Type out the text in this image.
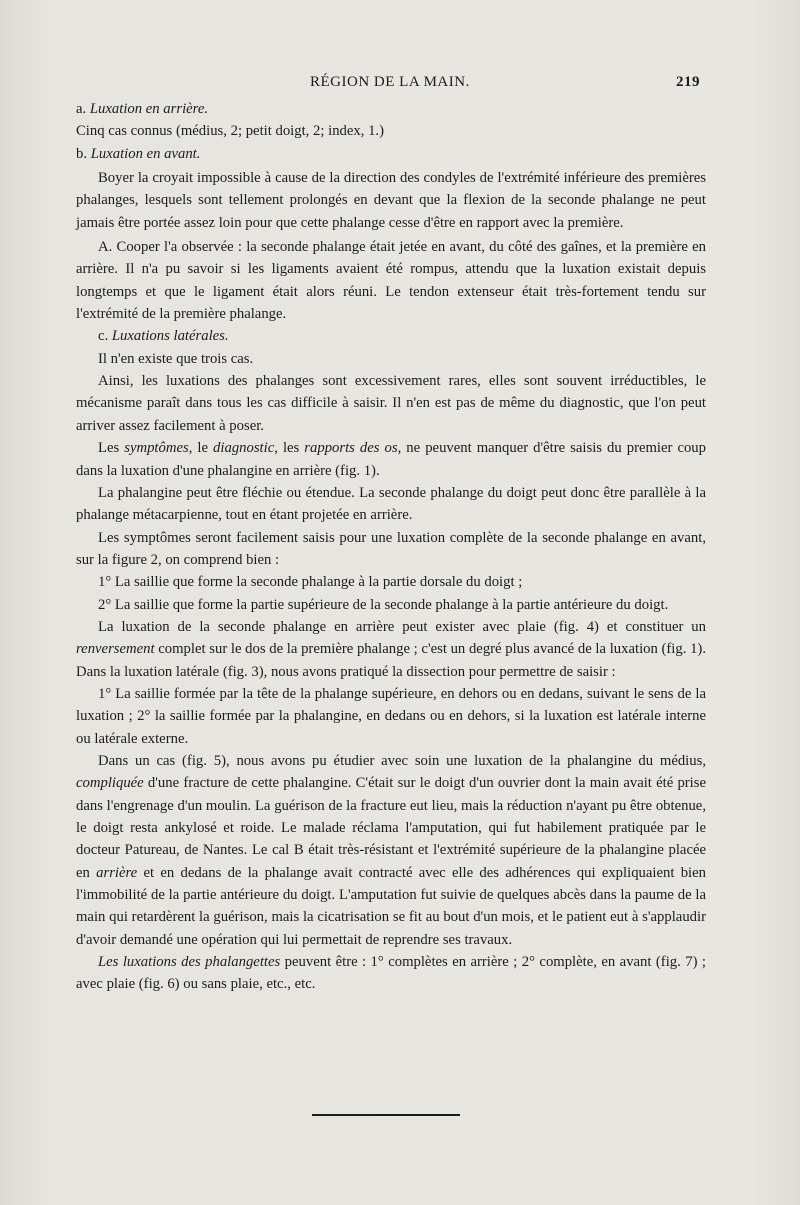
RÉGION DE LA MAIN.	219

a. Luxation en arrière.

Cinq cas connus (médius, 2; petit doigt, 2; index, 1.)

b. Luxation en avant.

Boyer la croyait impossible à cause de la direction des condyles de l'extrémité inférieure des premières phalanges, lesquels sont tellement prolongés en devant que la flexion de la seconde phalange ne peut jamais être portée assez loin pour que cette phalange cesse d'être en rapport avec la première.

A. Cooper l'a observée : la seconde phalange était jetée en avant, du côté des gaînes, et la première en arrière. Il n'a pu savoir si les ligaments avaient été rompus, attendu que la luxation existait depuis longtemps et que le ligament était alors réuni. Le tendon extenseur était très-fortement tendu sur l'extrémité de la première phalange.

c. Luxations latérales.

Il n'en existe que trois cas.

Ainsi, les luxations des phalanges sont excessivement rares, elles sont souvent irréductibles, le mécanisme paraît dans tous les cas difficile à saisir. Il n'en est pas de même du diagnostic, que l'on peut arriver assez facilement à poser.

Les symptômes, le diagnostic, les rapports des os, ne peuvent manquer d'être saisis du premier coup dans la luxation d'une phalangine en arrière (fig. 1).

La phalangine peut être fléchie ou étendue. La seconde phalange du doigt peut donc être parallèle à la phalange métacarpienne, tout en étant projetée en arrière.

Les symptômes seront facilement saisis pour une luxation complète de la seconde phalange en avant, sur la figure 2, on comprend bien :

1° La saillie que forme la seconde phalange à la partie dorsale du doigt ;

2° La saillie que forme la partie supérieure de la seconde phalange à la partie antérieure du doigt.

La luxation de la seconde phalange en arrière peut exister avec plaie (fig. 4) et constituer un renversement complet sur le dos de la première phalange ; c'est un degré plus avancé de la luxation (fig. 1). Dans la luxation latérale (fig. 3), nous avons pratiqué la dissection pour permettre de saisir :

1° La saillie formée par la tête de la phalange supérieure, en dehors ou en dedans, suivant le sens de la luxation ; 2° la saillie formée par la phalangine, en dedans ou en dehors, si la luxation est latérale interne ou latérale externe.

Dans un cas (fig. 5), nous avons pu étudier avec soin une luxation de la phalangine du médius, compliquée d'une fracture de cette phalangine. C'était sur le doigt d'un ouvrier dont la main avait été prise dans l'engrenage d'un moulin. La guérison de la fracture eut lieu, mais la réduction n'ayant pu être obtenue, le doigt resta ankylosé et roide. Le malade réclama l'amputation, qui fut habilement pratiquée par le docteur Patureau, de Nantes. Le cal B était très-résistant et l'extrémité supérieure de la phalangine placée en arrière et en dedans de la phalange avait contracté avec elle des adhérences qui expliquaient bien l'immobilité de la partie antérieure du doigt. L'amputation fut suivie de quelques abcès dans la paume de la main qui retardèrent la guérison, mais la cicatrisation se fit au bout d'un mois, et le patient eut à s'applaudir d'avoir demandé une opération qui lui permettait de reprendre ses travaux.

Les luxations des phalangettes peuvent être : 1° complètes en arrière ; 2° complète, en avant (fig. 7) ; avec plaie (fig. 6) ou sans plaie, etc., etc.
